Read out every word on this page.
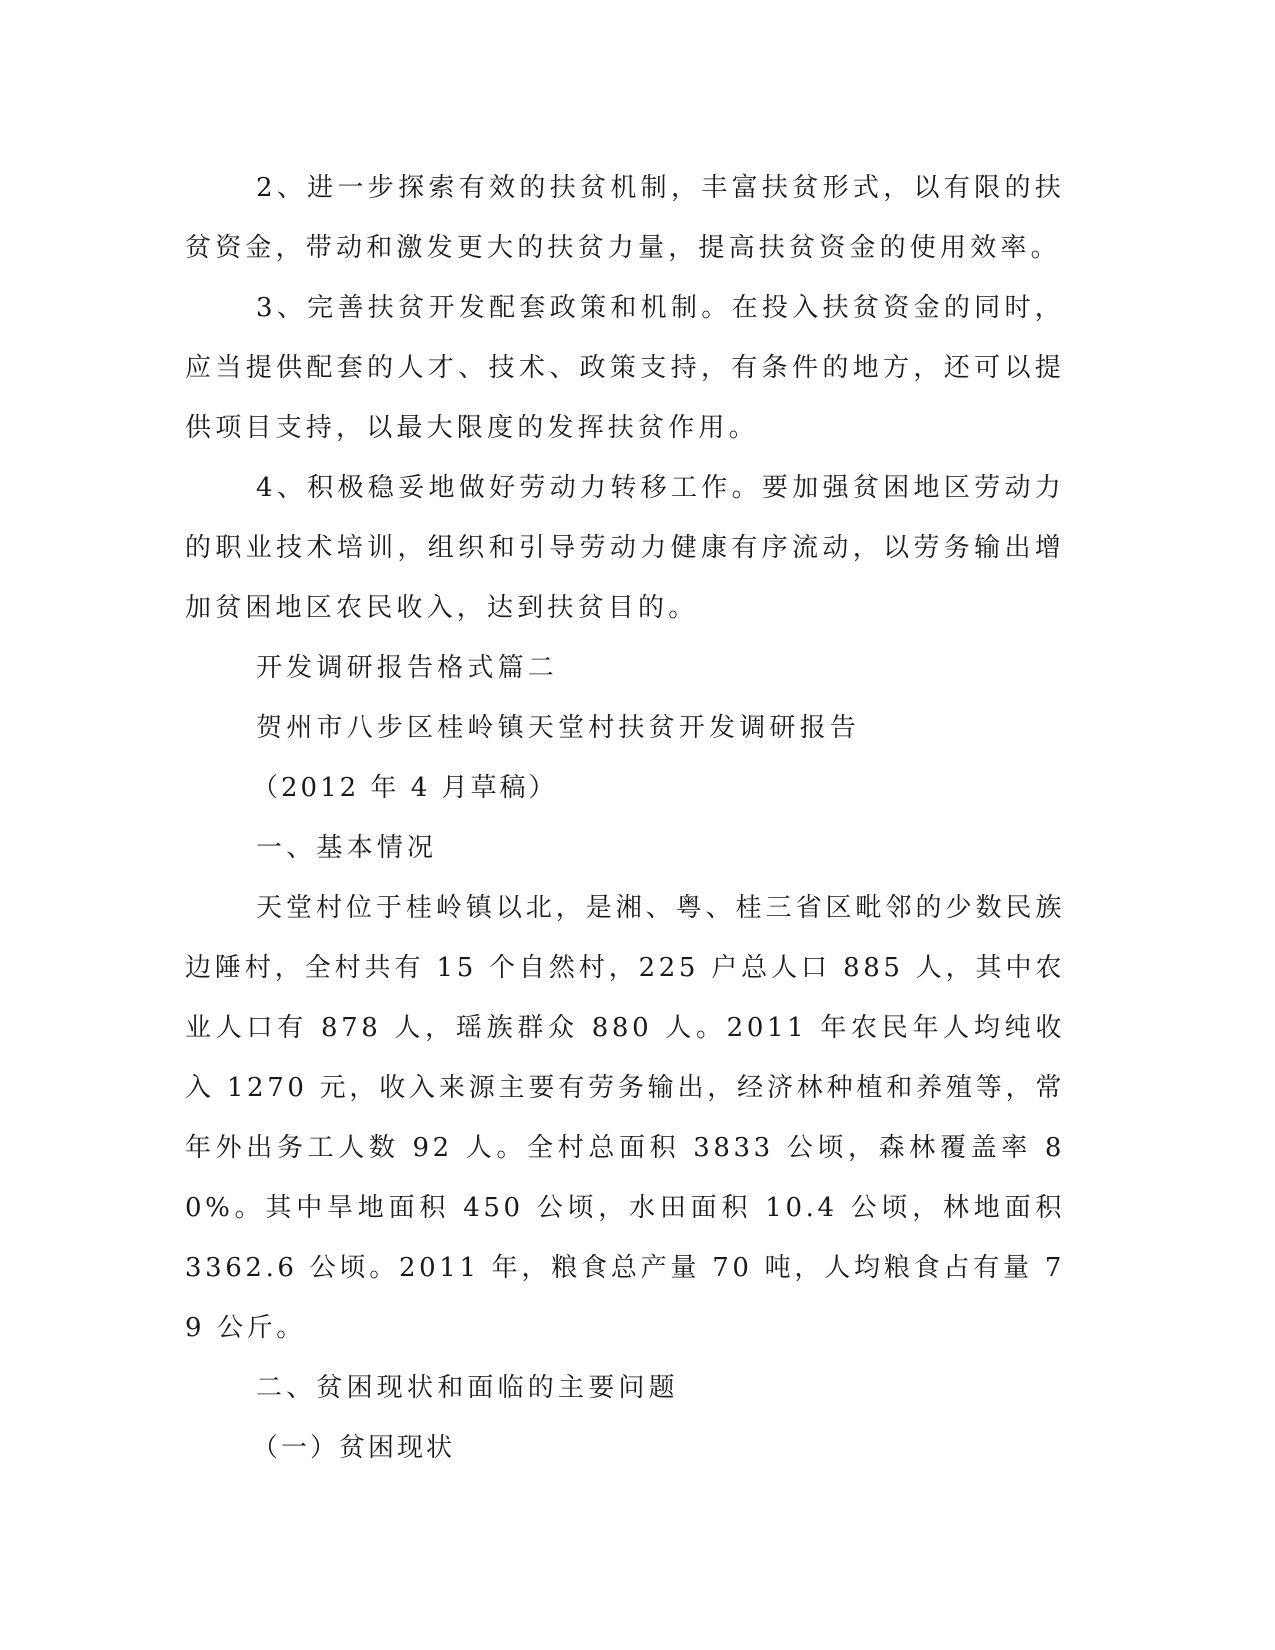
2、进一步探索有效的扶贫机制，丰富扶贫形式，以有限的扶贫资金，带动和激发更大的扶贫力量，提高扶贫资金的使用效率。

3、完善扶贫开发配套政策和机制。在投入扶贫资金的同时，应当提供配套的人才、技术、政策支持，有条件的地方，还可以提供项目支持，以最大限度的发挥扶贫作用。

4、积极稳妥地做好劳动力转移工作。要加强贫困地区劳动力的职业技术培训，组织和引导劳动力健康有序流动，以劳务输出增加贫困地区农民收入，达到扶贫目的。

开发调研报告格式篇二

贺州市八步区桂岭镇天堂村扶贫开发调研报告

（2012 年 4 月草稿）

一、基本情况

天堂村位于桂岭镇以北，是湘、粤、桂三省区毗邻的少数民族边陲村，全村共有 15 个自然村，225 户总人口 885 人，其中农业人口有 878 人，瑶族群众 880 人。2011 年农民年人均纯收入 1270 元，收入来源主要有劳务输出，经济林种植和养殖等，常年外出务工人数 92 人。全村总面积 3833 公顷，森林覆盖率 80%。其中旱地面积 450 公顷，水田面积 10.4 公顷，林地面积 3362.6 公顷。2011 年，粮食总产量 70 吨，人均粮食占有量 79 公斤。

二、贫困现状和面临的主要问题

（一）贫困现状
